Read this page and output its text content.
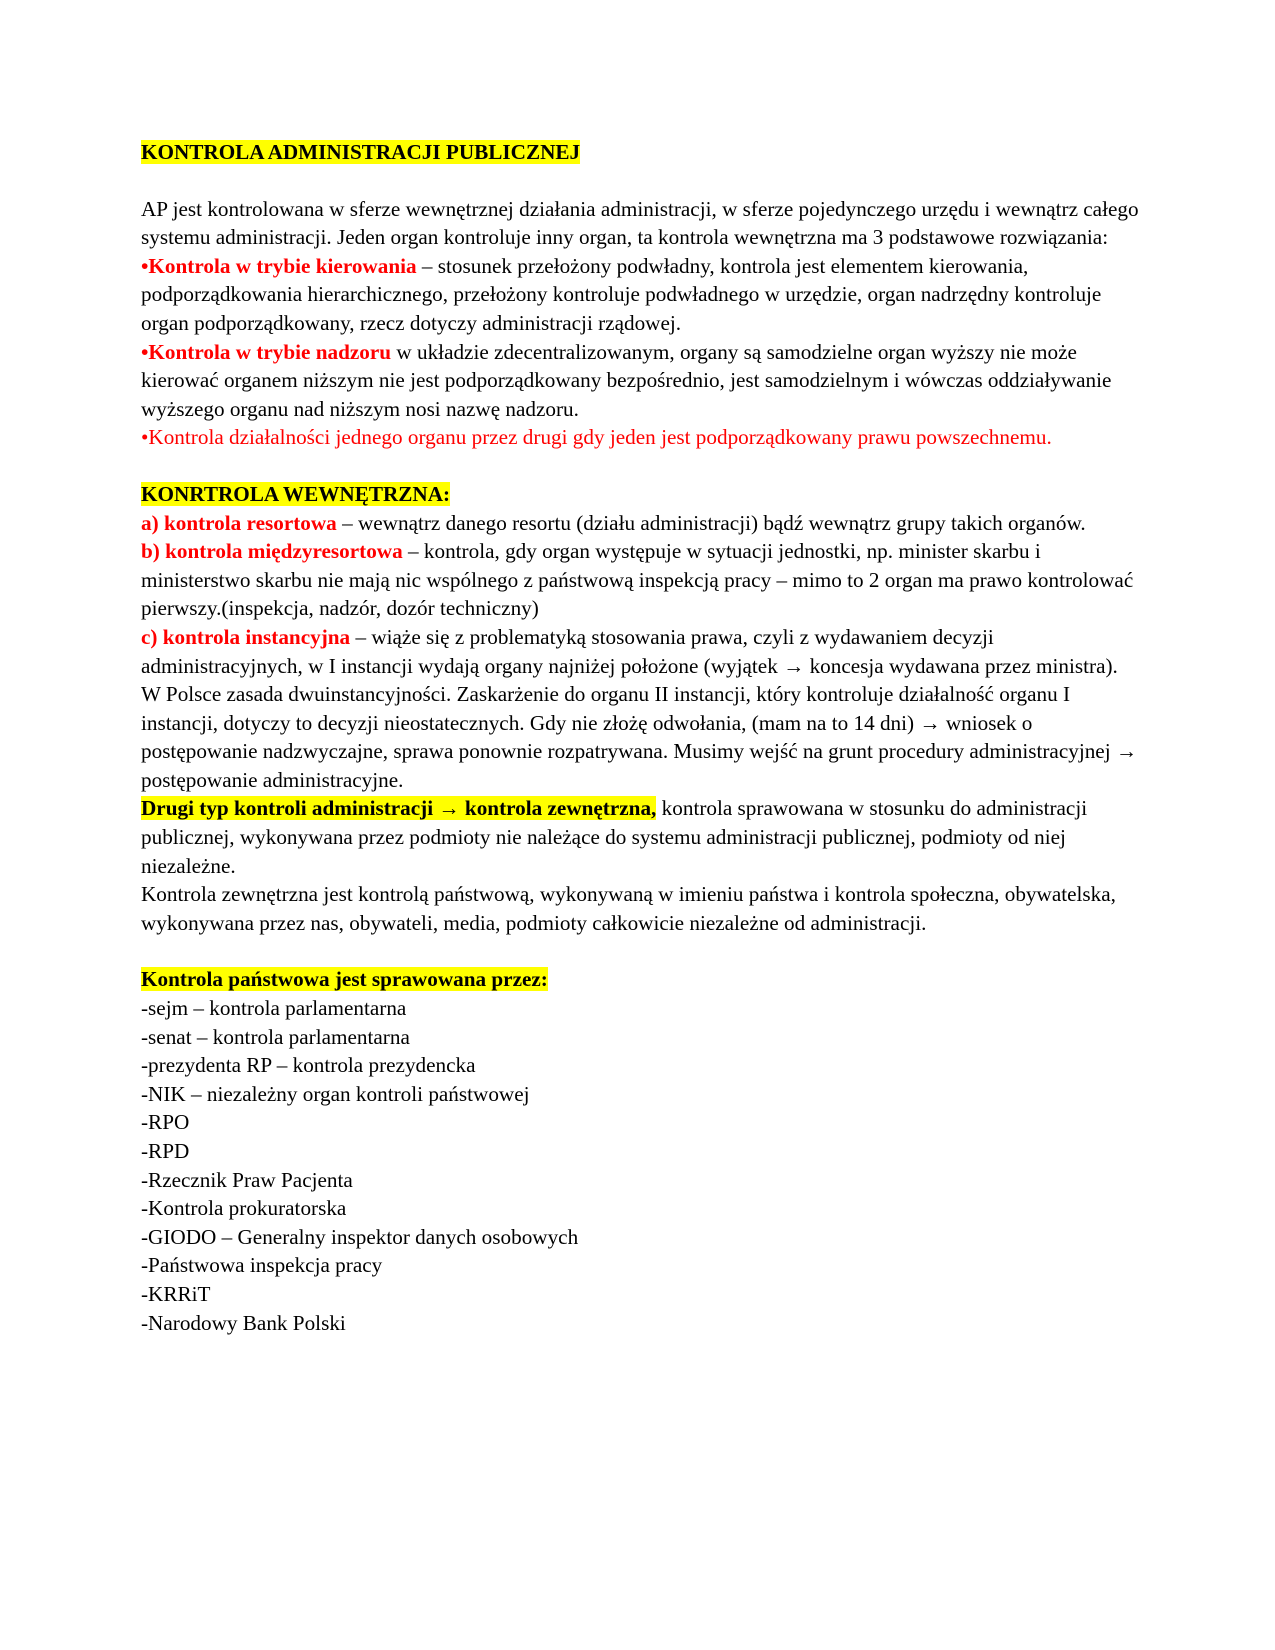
KONTROLA ADMINISTRACJI PUBLICZNEJ

AP jest kontrolowana w sferze wewnętrznej działania administracji, w sferze pojedynczego urzędu i wewnątrz całego systemu administracji. Jeden organ kontroluje inny organ, ta kontrola wewnętrzna ma 3 podstawowe rozwiązania:

•Kontrola w trybie kierowania – stosunek przełożony podwładny, kontrola jest elementem kierowania, podporządkowania hierarchicznego, przełożony kontroluje podwładnego w urzędzie, organ nadrzędny kontroluje organ podporządkowany, rzecz dotyczy administracji rządowej.

•Kontrola w trybie nadzoru w układzie zdecentralizowanym, organy są samodzielne organ wyższy nie może kierować organem niższym nie jest podporządkowany bezpośrednio, jest samodzielnym i wówczas oddziaływanie wyższego organu nad niższym nosi nazwę nadzoru.

•Kontrola działalności jednego organu przez drugi gdy jeden jest podporządkowany prawu powszechnemu.

KONRTROLA WEWNĘTRZNA:

a) kontrola resortowa – wewnątrz danego resortu (działu administracji) bądź wewnątrz grupy takich organów.

b) kontrola międzyresortowa – kontrola, gdy organ występuje w sytuacji jednostki, np. minister skarbu i ministerstwo skarbu nie mają nic wspólnego z państwową inspekcją pracy – mimo to 2 organ ma prawo kontrolować pierwszy.(inspekcja, nadzór, dozór techniczny)

c) kontrola instancyjna – wiąże się z problematyką stosowania prawa, czyli z wydawaniem decyzji administracyjnych, w I instancji wydają organy najniżej położone (wyjątek → koncesja wydawana przez ministra). W Polsce zasada dwuinstancyjności. Zaskarżenie do organu II instancji, który kontroluje działalność organu I instancji, dotyczy to decyzji nieostatecznych. Gdy nie złożę odwołania, (mam na to 14 dni) → wniosek o postępowanie nadzwyczajne, sprawa ponownie rozpatrywana. Musimy wejść na grunt procedury administracyjnej → postępowanie administracyjne.

Drugi typ kontroli administracji → kontrola zewnętrzna, kontrola sprawowana w stosunku do administracji publicznej, wykonywana przez podmioty nie należące do systemu administracji publicznej, podmioty od niej niezależne.

Kontrola zewnętrzna jest kontrolą państwową, wykonywaną w imieniu państwa i kontrola społeczna, obywatelska, wykonywana przez nas, obywateli, media, podmioty całkowicie niezależne od administracji.

Kontrola państwowa jest sprawowana przez:

-sejm – kontrola parlamentarna
-senat – kontrola parlamentarna
-prezydenta RP – kontrola prezydencka
-NIK – niezależny organ kontroli państwowej
-RPO
-RPD
-Rzecznik Praw Pacjenta
-Kontrola prokuratorska
-GIODO – Generalny inspektor danych osobowych
-Państwowa inspekcja pracy
-KRRiT
-Narodowy Bank Polski
